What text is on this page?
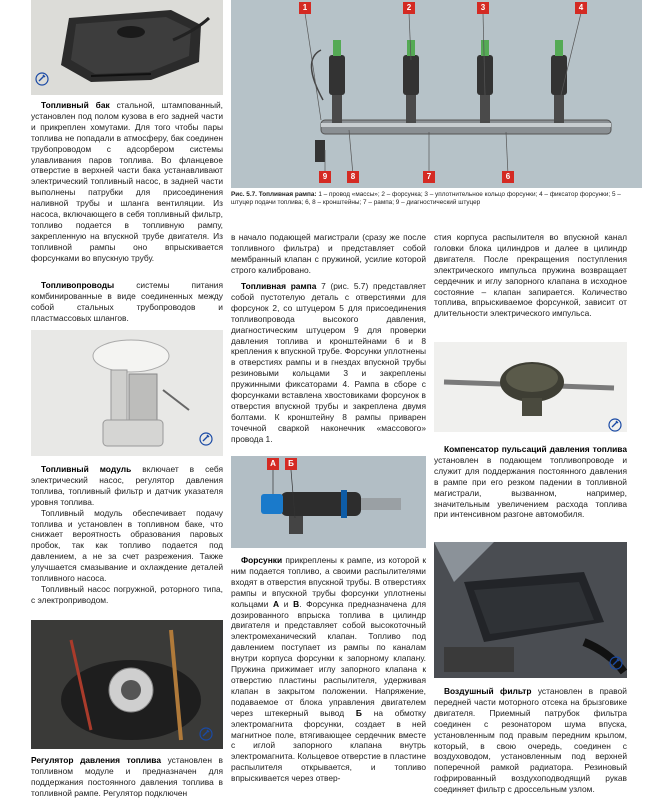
1	2	3	4
9	8	7	6
Рис. 5.7. Топливная рампа: 1 – провод «массы»; 2 – форсунка; 3 – уплотнительное кольцо форсунки; 4 – фиксатор форсунки; 5 – штуцер подачи топлива; 6, 8 – кронштейны; 7 – рампа; 9 – диагностический штуцер

Топливный бак стальной, штампованный, установлен под полом кузова в его задней части и прикреплен хомутами. Для того чтобы пары топлива не попадали в атмосферу, бак соединен трубопроводом с адсорбером системы улавливания паров топлива. Во фланцевое отверстие в верхней части бака устанавливают электрический топливный насос, в задней части выполнены патрубки для присоединения наливной трубы и шланга вентиляции. Из насоса, включающего в себя топливный фильтр, топливо подается в топливную рампу, закрепленную на впускной трубе двигателя. Из топливной рампы оно впрыскивается форсунками во впускную трубу.

Топливопроводы системы питания комбинированные в виде соединенных между собой стальных трубопроводов и пластмассовых шлангов.

Топливный модуль включает в себя электрический насос, регулятор давления топлива, топливный фильтр и датчик указателя уровня топлива.

Топливный модуль обеспечивает подачу топлива и установлен в топливном баке, что снижает вероятность образования паровых пробок, так как топливо подается под давлением, а не за счет разрежения. Также улучшается смазывание и охлаждение деталей топливного насоса.

Топливный насос погружной, роторного типа, с электроприводом.

Регулятор давления топлива установлен в топливном модуле и предназначен для поддержания постоянного давления топлива в топливной рампе. Регулятор подключен

в начало подающей магистрали (сразу же после топливного фильтра) и представляет собой мембранный клапан с пружиной, усилие которой строго калибровано.

Топливная рампа 7 (рис. 5.7) представляет собой пустотелую деталь с отверстиями для форсунок 2, со штуцером 5 для присоединения топливопровода высокого давления, диагностическим штуцером 9 для проверки давления топлива и кронштейнами 6 и 8 крепления к впускной трубе. Форсунки уплотнены в отверстиях рампы и в гнездах впускной трубы резиновыми кольцами 3 и закреплены пружинными фиксаторами 4. Рампа в сборе с форсунками вставлена хвостовиками форсунок в отверстия впускной трубы и закреплена двумя болтами. К кронштейну 8 рампы приварен точечной сваркой наконечник «массового» провода 1.

А	Б

Форсунки прикреплены к рампе, из которой к ним подается топливо, а своими распылителями входят в отверстия впускной трубы. В отверстиях рампы и впускной трубы форсунки уплотнены кольцами А и В. Форсунка предназначена для дозированного впрыска топлива в цилиндр двигателя и представляет собой высокоточный электромеханический клапан. Топливо под давлением поступает из рампы по каналам внутри корпуса форсунки к запорному клапану. Пружина прижимает иглу запорного клапана к отверстию пластины распылителя, удерживая клапан в закрытом положении. Напряжение, подаваемое от блока управления двигателем через штекерный вывод Б на обмотку электромагнита форсунки, создает в ней магнитное поле, втягивающее сердечник вместе с иглой запорного клапана внутрь электромагнита. Кольцевое отверстие в пластине распылителя открывается, и топливо впрыскивается через отвер-

стия корпуса распылителя во впускной канал головки блока цилиндров и далее в цилиндр двигателя. После прекращения поступления электрического импульса пружина возвращает сердечник и иглу запорного клапана в исходное состояние – клапан запирается. Количество топлива, впрыскиваемое форсункой, зависит от длительности электрического импульса.

Компенсатор пульсаций давления топлива установлен в подающем топливопроводе и служит для поддержания постоянного давления в рампе при его резком падении в топливной магистрали, вызванном, например, значительным увеличением расхода топлива при интенсивном разгоне автомобиля.

Воздушный фильтр установлен в правой передней части моторного отсека на брызговике двигателя. Приемный патрубок фильтра соединен с резонатором шума впуска, установленным под правым передним крылом, который, в свою очередь, соединен с воздуховодом, установленным под верхней поперечной рамкой радиатора. Резиновый гофрированный воздухоподводящий рукав соединяет фильтр с дроссельным узлом.
